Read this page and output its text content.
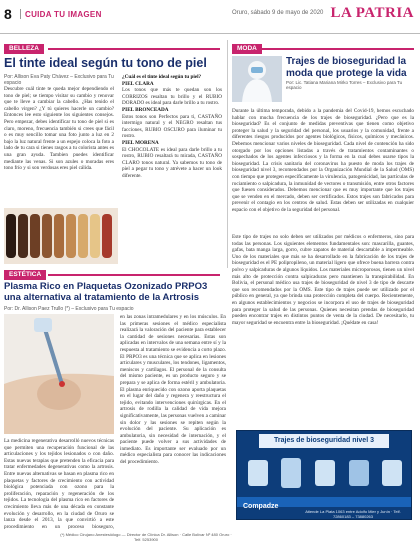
8	CUIDA TU IMAGEN	Oruro, sábado 9 de mayo de 2020 LA PATRIA
BELLEZA
El tinte ideal según tu tono de piel
Por: Allison Eva Paty Chávez – Exclusivo para Tu espacio
Descubre cuál tinte te queda mejor dependiendo el tono de piel; se tiempo visitar su cambio y renovar que te lleve a cambiar la cabello. ¿Has tenido el cabello virgen? ¿Y tú quieres hacerle un cambio? Entonces lee esto siguiente los siguientes consejos. Pero empezar, debes identificar tu tono de piel si es claro, moreno, frecuencia también si crees que fácil o es muy sencillo tomar una foto junto a luz en 2 bajo la luz natural frente a un espejo coloca la foto a lado de tu cara si tienes rasgos a tu colorista antes es una gran ayuda. Tambien puedes identificar mediante las venas. Si son azules o moradas eres tono frío y si son verdosas eres piel cálida.
¿Cuál es el tinte ideal según tu piel?
PIEL CLARA
Los tonos que más te quedan son los CORRIZOS resaltan tu brillo y el RUBIO DORADO es ideal para darle brillo a tu rostro.
PIEL BRONCEADA
Estos tonos son Perfectos para ti, CASTAÑO intermigo natural y el NEGRO resaltan tus facciones, RUBIO OSCURO para iluminar tu rostro.
PIEL MORENA
El CHOCOLATE es ideal para darle brillo a tu rostro, RUBIO resaltará tu mirada, CASTAÑO CLARO tonos natural. Ya sabemos tu tono de piel a pegar tu tono y atrévete a hacer un look diferente.
MODA
Trajes de bioseguridad la moda que protege la vida
Por: Lic. Tatiana Mariana Mirko Torres – Exclusivo para Tu espacio
Durante la última temporada, debido a la pandemia del Covid-19, hemos escuchado hablar con mucha frecuencia de los trajes de bioseguridad. ¿Pero que es la bioseguridad? Es el conjunto de medidas preventivas que tienen como objetivo proteger la salud y la seguridad del personal, los usuarios y la comunidad, frente a diferentes riesgos producidos por agentes biológicos, físicos, químicos y mecánicos. Debemos mencionar varios niveles de bioseguridad. Cada nivel de contención ha sido otorgado por los opciones listadas a través de tratamientos contaminantes o sospechados de los agentes infecciosos y la forma en la cual debes usarse tipos la bioseguridad. La crisis sanitaria del coronavirus ha puesto de moda los trajes de bioseguridad nivel 3, recomendados por la Organización Mundial de la Salud (OMS) con tiempo que protegen específicamente la virulencia, patogenicidad, las partículas de rociamiento o salpicadura, la inmunidad de vectores o transmisión, entre otros factores que fuesen considerados. Debemos mencionar que es muy importante que los trajes que se venden en el mercado, deben ser certificados. Estos trajes son fabricados para prevenir el contagio en los centros de salud. Estas deben ser utilizadas en cualquier espacio con el objetivo de la seguridad del personal.
Este tipo de trajes no solo deben ser utilizados por médicos o enfermeros, sino para todas las personas. Los siguientes elementos fundamentales son: mascarilla, guantes, gafas, bata manga larga, gorro, cubre zapatos de material descartable a impermeable. Uno de los materiales que más se ha desarrollado en la fabricación de los trajes de bioseguridad es el PE polipropileno, un material ligero que ofrece buena barrera contra polvo y salpicaduras de algunos líquidos. Los materiales microporosos, tienen un nivel más alto de protección contra salpicaduras pero mantienen la transpirabilidad. En Bolivia, el personal médico usa trajes de bioseguridad de nivel 3 de tipo de descarte que son recomendados por la OMS. Este tipo de trajes puede ser utilizado por el público en general, ya que brinda una protección completa del cuerpo. Recientemente, en algunos establecimientos y negocios se incorpora el uso de trajes de bioseguridad para proteger la salud de las personas. Quienes necesitan prendas de bioseguridad pueden encontrar trajes en distintos puntos de venta de la ciudad. De necesitarlo, tu mayor seguridad se encuentra entre la bioseguridad. ¡Quédate en casa!
ESTÉTICA
Plasma Rico en Plaquetas Ozonizado PRPO3 una alternativa al tratamiento de la Artrosis
Por: Dr. Allison Paez Trullo (*) – Exclusivo para Tu espacio
La medicina regenerativa desarrolló nuevos técnicas que permiten una recuperación funcional de las articulaciones y los tejidos lesionados o con daño. Estas nuevas terapias que pretenden la eficacia para tratar enfermedades degenerativas como la artrosis. Entre nuevas alternativas se basan en plasma rico en plaquetas y factores de crecimiento con actividad biológica potenciada con ozono para la proliferación, reparación y regeneración de los tejidos. La tecnología del plasma rico en factores de crecimiento lleva más de una década en constante evolución y desarrollo, en la ciudad de Oruro se lanza desde el 2013, la que convirtió a este procedimiento en un proceso bioseguro,
en las zonas intramedulares y en los músculos. En las primeras sesiones el médico especialista realizará la valoración del paciente para establecer la cantidad de sesiones necesarias. Estas son aplicadas en intervalos de una semana entre sí y la respuesta al tratamiento se evidencia a corto plazo. El PRPO3 es una técnica que se aplica en lesiones articulares y musculares, los tendones, ligamentos, meniscos y cartílagos. El personal de la consulta del mismo paciente, es un producto seguro y se prepara y se aplica de forma estéril y ambulatoria. El plasma enriquecido con ozono aporta plaquetas en el lugar del daño y regenera y reestructura el tejido, evitando intervenciones quirúrgicas. En el artrosis de rodilla la calidad de vida mejora significativamente, las personas vuelven a caminar sin dolor y las sesiones se repiten según la evolución del paciente. Su aplicación es ambulatoria, sin necesidad de internación, y el paciente puede volver a sus actividades de inmediato. Es importante ser evaluado por un médico especialista para conocer las indicaciones del procedimiento.
(*) Médico Cirujano Anestesiólogo — Director de Clínica Dr. Allison · Calle Bolívar Nº 480 Oruro · Telf. 5253900
Trajes de bioseguridad nivel 3
Compadze
Atiende La Plata 1063 entre Adolfo Mier y Junín · Telf. 72860183 – 73880263
